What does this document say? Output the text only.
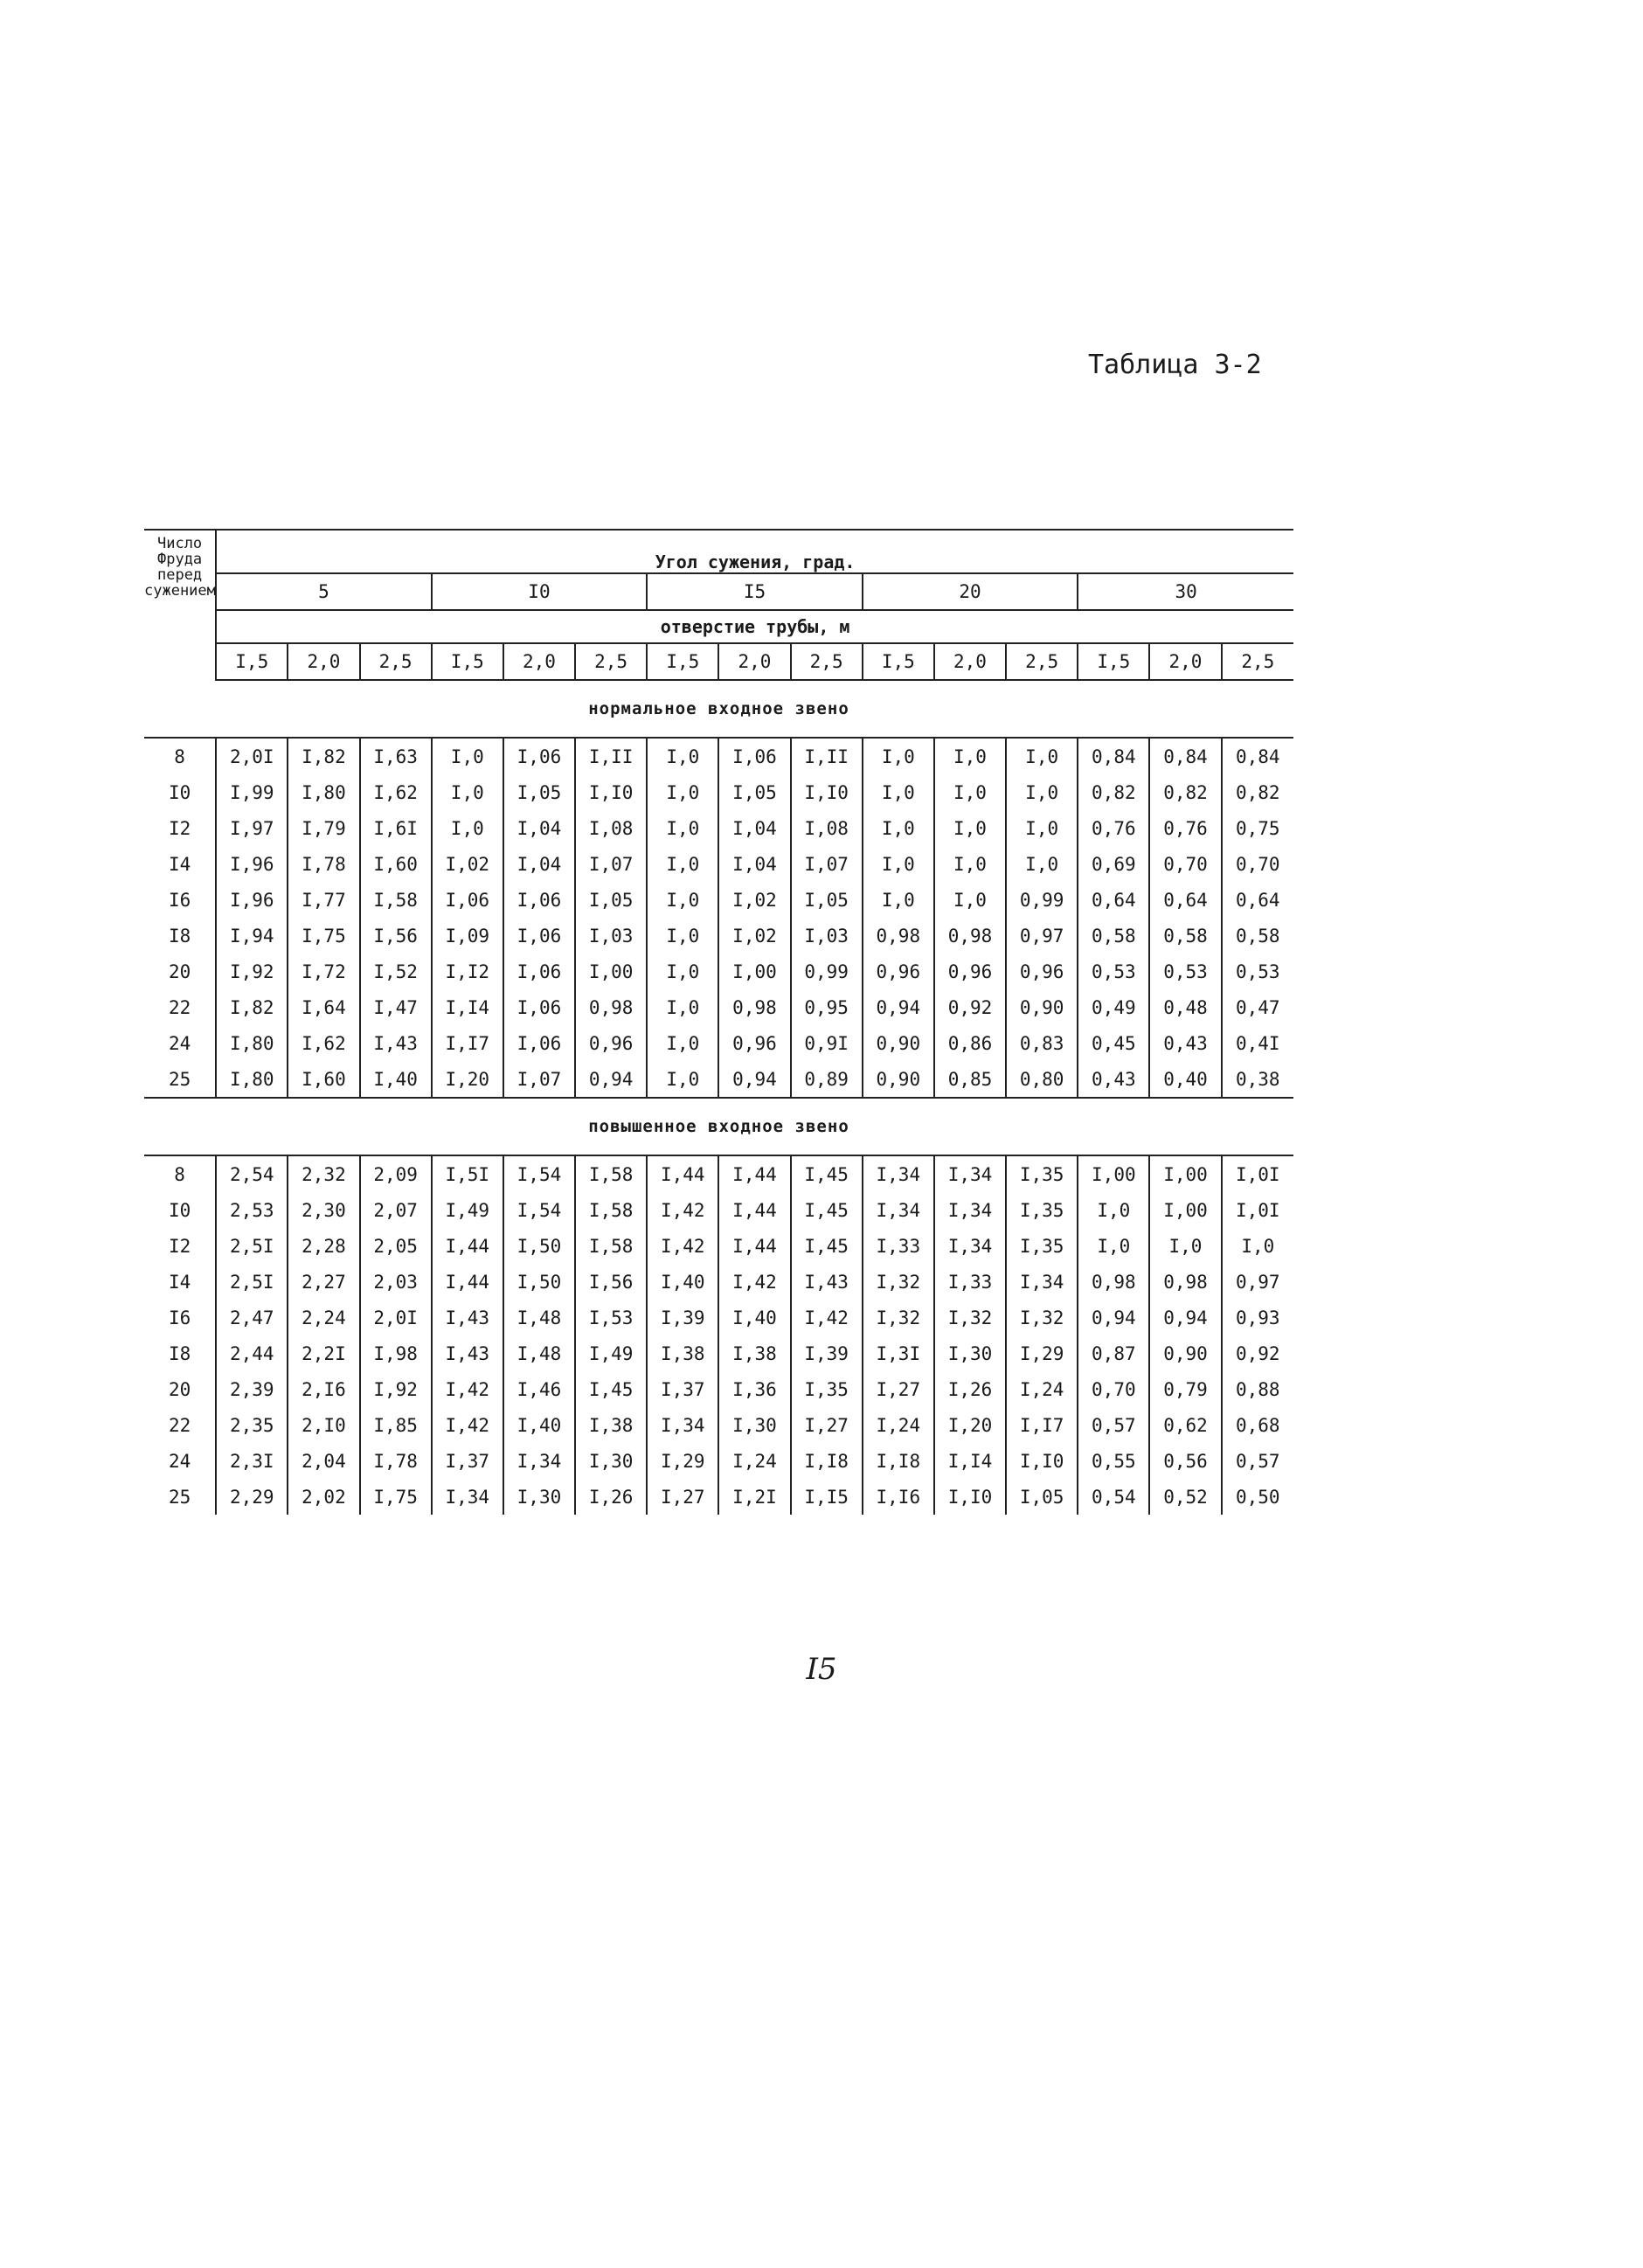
Таблица 3-2
Число Фруда перед сужением	Угол сужения, град.														
	5			I0			I5			20			30		
	отверстие трубы, м														
	I,5	2,0	2,5	I,5	2,0	2,5	I,5	2,0	2,5	I,5	2,0	2,5	I,5	2,0	2,5
нормальное входное звено															
8	2,0I	I,82	I,63	I,0	I,06	I,II	I,0	I,06	I,II	I,0	I,0	I,0	0,84	0,84	0,84
I0	I,99	I,80	I,62	I,0	I,05	I,I0	I,0	I,05	I,I0	I,0	I,0	I,0	0,82	0,82	0,82
I2	I,97	I,79	I,6I	I,0	I,04	I,08	I,0	I,04	I,08	I,0	I,0	I,0	0,76	0,76	0,75
I4	I,96	I,78	I,60	I,02	I,04	I,07	I,0	I,04	I,07	I,0	I,0	I,0	0,69	0,70	0,70
I6	I,96	I,77	I,58	I,06	I,06	I,05	I,0	I,02	I,05	I,0	I,0	0,99	0,64	0,64	0,64
I8	I,94	I,75	I,56	I,09	I,06	I,03	I,0	I,02	I,03	0,98	0,98	0,97	0,58	0,58	0,58
20	I,92	I,72	I,52	I,I2	I,06	I,00	I,0	I,00	0,99	0,96	0,96	0,96	0,53	0,53	0,53
22	I,82	I,64	I,47	I,I4	I,06	0,98	I,0	0,98	0,95	0,94	0,92	0,90	0,49	0,48	0,47
24	I,80	I,62	I,43	I,I7	I,06	0,96	I,0	0,96	0,9I	0,90	0,86	0,83	0,45	0,43	0,4I
25	I,80	I,60	I,40	I,20	I,07	0,94	I,0	0,94	0,89	0,90	0,85	0,80	0,43	0,40	0,38
повышенное входное звено															
8	2,54	2,32	2,09	I,5I	I,54	I,58	I,44	I,44	I,45	I,34	I,34	I,35	I,00	I,00	I,0I
I0	2,53	2,30	2,07	I,49	I,54	I,58	I,42	I,44	I,45	I,34	I,34	I,35	I,0	I,00	I,0I
I2	2,5I	2,28	2,05	I,44	I,50	I,58	I,42	I,44	I,45	I,33	I,34	I,35	I,0	I,0	I,0
I4	2,5I	2,27	2,03	I,44	I,50	I,56	I,40	I,42	I,43	I,32	I,33	I,34	0,98	0,98	0,97
I6	2,47	2,24	2,0I	I,43	I,48	I,53	I,39	I,40	I,42	I,32	I,32	I,32	0,94	0,94	0,93
I8	2,44	2,2I	I,98	I,43	I,48	I,49	I,38	I,38	I,39	I,3I	I,30	I,29	0,87	0,90	0,92
20	2,39	2,I6	I,92	I,42	I,46	I,45	I,37	I,36	I,35	I,27	I,26	I,24	0,70	0,79	0,88
22	2,35	2,I0	I,85	I,42	I,40	I,38	I,34	I,30	I,27	I,24	I,20	I,I7	0,57	0,62	0,68
24	2,3I	2,04	I,78	I,37	I,34	I,30	I,29	I,24	I,I8	I,I8	I,I4	I,I0	0,55	0,56	0,57
25	2,29	2,02	I,75	I,34	I,30	I,26	I,27	I,2I	I,I5	I,I6	I,I0	I,05	0,54	0,52	0,50
I5
